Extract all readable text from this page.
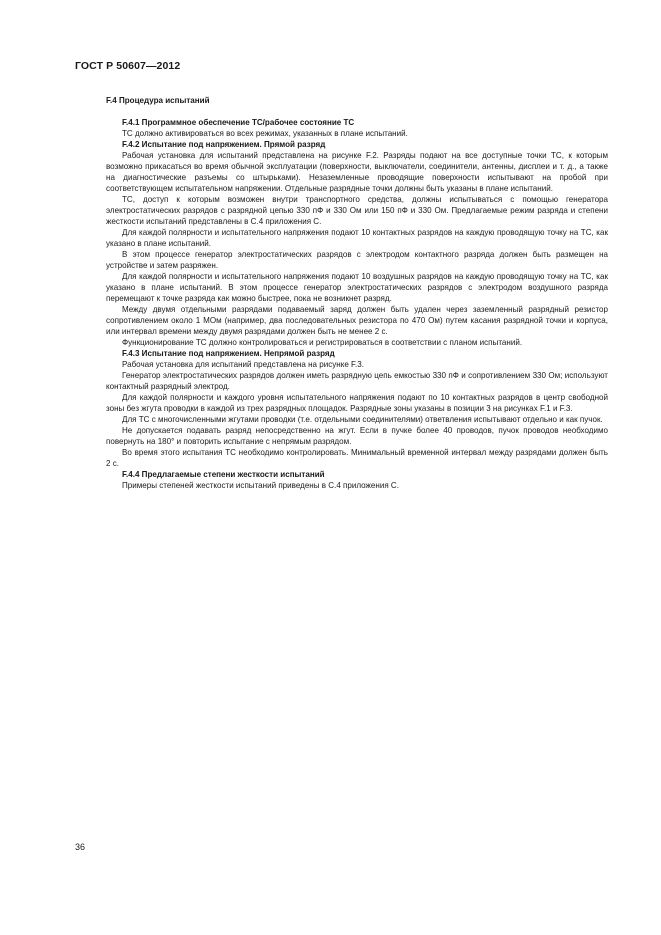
ГОСТ Р 50607—2012
F.4 Процедура испытаний
F.4.1 Программное обеспечение ТС/рабочее состояние ТС

ТС должно активироваться во всех режимах, указанных в плане испытаний.

F.4.2 Испытание под напряжением. Прямой разряд

Рабочая установка для испытаний представлена на рисунке F.2. Разряды подают на все доступные точки ТС, к которым возможно прикасаться во время обычной эксплуатации (поверхности, выключатели, соединители, антенны, дисплеи и т. д., а также на диагностические разъемы со штырьками). Незаземленные проводящие поверхности испытывают на пробой при соответствующем испытательном напряжении. Отдельные разрядные точки должны быть указаны в плане испытаний.

ТС, доступ к которым возможен внутри транспортного средства, должны испытываться с помощью генератора электростатических разрядов с разрядной цепью 330 пФ и 330 Ом или 150 пФ и 330 Ом. Предлагаемые режим разряда и степени жесткости испытаний представлены в С.4 приложения С.

Для каждой полярности и испытательного напряжения подают 10 контактных разрядов на каждую проводящую точку на ТС, как указано в плане испытаний.

В этом процессе генератор электростатических разрядов с электродом контактного разряда должен быть размещен на устройстве и затем разряжен.

Для каждой полярности и испытательного напряжения подают 10 воздушных разрядов на каждую проводящую точку на ТС, как указано в плане испытаний. В этом процессе генератор электростатических разрядов с электродом воздушного разряда перемещают к точке разряда как можно быстрее, пока не возникнет разряд.

Между двумя отдельными разрядами подаваемый заряд должен быть удален через заземленный разрядный резистор сопротивлением около 1 МОм (например, два последовательных резистора по 470 Ом) путем касания разрядной точки и корпуса, или интервал времени между двумя разрядами должен быть не менее 2 с.

Функционирование ТС должно контролироваться и регистрироваться в соответствии с планом испытаний.

F.4.3 Испытание под напряжением. Непрямой разряд

Рабочая установка для испытаний представлена на рисунке F.3.

Генератор электростатических разрядов должен иметь разрядную цепь емкостью 330 пФ и сопротивлением 330 Ом; используют контактный разрядный электрод.

Для каждой полярности и каждого уровня испытательного напряжения подают по 10 контактных разрядов в центр свободной зоны без жгута проводки в каждой из трех разрядных площадок. Разрядные зоны указаны в позиции 3 на рисунках F.1 и F.3.

Для ТС с многочисленными жгутами проводки (т.е. отдельными соединителями) ответвления испытывают отдельно и как пучок.

Не допускается подавать разряд непосредственно на жгут. Если в пучке более 40 проводов, пучок проводов необходимо повернуть на 180° и повторить испытание с непрямым разрядом.

Во время этого испытания ТС необходимо контролировать. Минимальный временной интервал между разрядами должен быть 2 с.

F.4.4 Предлагаемые степени жесткости испытаний

Примеры степеней жесткости испытаний приведены в С.4 приложения С.

36
